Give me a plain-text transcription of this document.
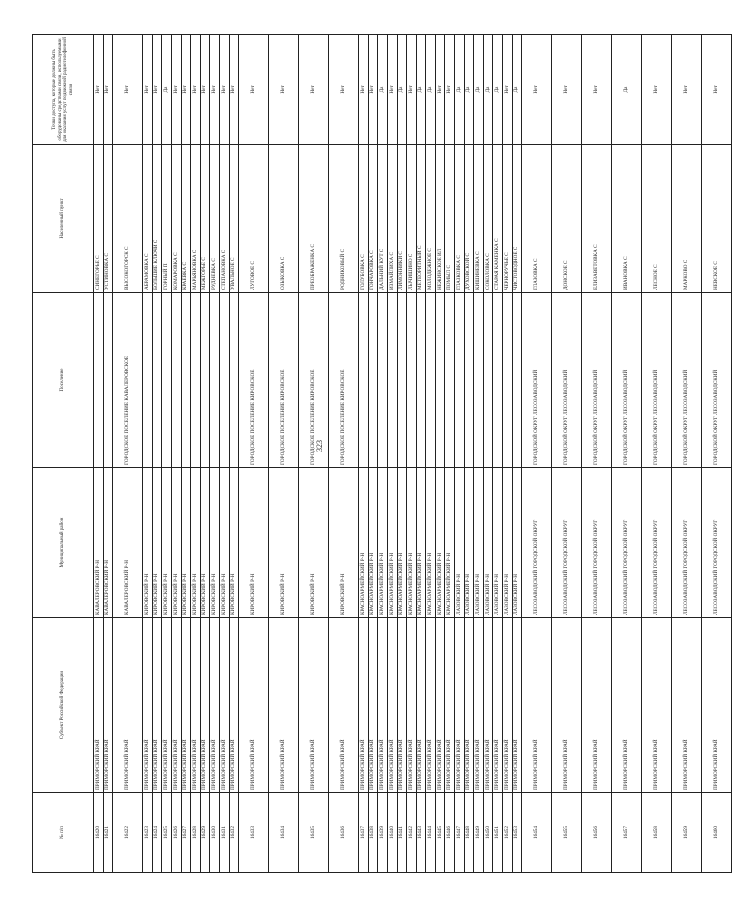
323
№ п/п	Субъект Российской Федерации	Муниципальный район	Поселение	Населенный пункт	Точки доступа, которые должны быть оборудованы средствами связи, используемыми для оказания услуг подвижной радиотелефонной связи
16420	ПРИМОРСКИЙ КРАЙ	КАВАЛЕРОВСКИЙ Р-Н		СИНЕГОРЬЕ С	Нет
16421	ПРИМОРСКИЙ КРАЙ	КАВАЛЕРОВСКИЙ Р-Н		УСТИНОВКА С	Нет
16422	ПРИМОРСКИЙ КРАЙ	КАВАЛЕРОВСКИЙ Р-Н	ГОРОДСКОЕ ПОСЕЛЕНИЕ КАВАЛЕРОВСКОЕ	ВЫСОКОГОРСК С	Нет
16423	ПРИМОРСКИЙ КРАЙ	КИРОВСКИЙ Р-Н		АБРАМОВКА С	Нет
16424	ПРИМОРСКИЙ КРАЙ	КИРОВСКИЙ Р-Н		БОЛЬШИЕ КЛЮЧИ С	Нет
16425	ПРИМОРСКИЙ КРАЙ	КИРОВСКИЙ Р-Н		ГОРНЫЙ П	Да
16426	ПРИМОРСКИЙ КРАЙ	КИРОВСКИЙ Р-Н		КОМАРОВКА С	Нет
16427	ПРИМОРСКИЙ КРАЙ	КИРОВСКИЙ Р-Н		КРАЕВКА С	Нет
16428	ПРИМОРСКИЙ КРАЙ	КИРОВСКИЙ Р-Н		МАРЬЯНОВКА С	Нет
16429	ПРИМОРСКИЙ КРАЙ	КИРОВСКИЙ Р-Н		МЕЖГОРЬЕ С	Нет
16430	ПРИМОРСКИЙ КРАЙ	КИРОВСКИЙ Р-Н		РУДНЕВКА С	Нет
16431	ПРИМОРСКИЙ КРАЙ	КИРОВСКИЙ Р-Н		СТЕПАНОВКА С	Нет
16432	ПРИМОРСКИЙ КРАЙ	КИРОВСКИЙ Р-Н		УВАЛЬНОЕ С	Нет
16433	ПРИМОРСКИЙ КРАЙ	КИРОВСКИЙ Р-Н	ГОРОДСКОЕ ПОСЕЛЕНИЕ КИРОВСКОЕ	ЛУГОВОЕ С	Нет
16434	ПРИМОРСКИЙ КРАЙ	КИРОВСКИЙ Р-Н	ГОРОДСКОЕ ПОСЕЛЕНИЕ КИРОВСКОЕ	ОЗЫКОВКА С	Нет
16435	ПРИМОРСКИЙ КРАЙ	КИРОВСКИЙ Р-Н	ГОРОДСКОЕ ПОСЕЛЕНИЕ КИРОВСКОЕ	ПРЕОБРАЖЕНКА С	Нет
16436	ПРИМОРСКИЙ КРАЙ	КИРОВСКИЙ Р-Н	ГОРОДСКОЕ ПОСЕЛЕНИЕ КИРОВСКОЕ	РОДНИКОВЫЙ С	Нет
16437	ПРИМОРСКИЙ КРАЙ	КРАСНОАРМЕЙСКИЙ Р-Н		ГОЛУБОВКА С	Нет
16438	ПРИМОРСКИЙ КРАЙ	КРАСНОАРМЕЙСКИЙ Р-Н		ГОНЧАРОВКА С	Нет
16439	ПРИМОРСКИЙ КРАЙ	КРАСНОАРМЕЙСКИЙ Р-Н		ДАЛЬНИЙ КУТ С	Да
16440	ПРИМОРСКИЙ КРАЙ	КРАСНОАРМЕЙСКИЙ Р-Н		ИЗМАЙЛИХА С	Нет
16441	ПРИМОРСКИЙ КРАЙ	КРАСНОАРМЕЙСКИЙ Р-Н		ЛИМОННИКИ С	Да
16442	ПРИМОРСКИЙ КРАЙ	КРАСНОАРМЕЙСКИЙ Р-Н		ЛЫЧИШИНО С	Нет
16443	ПРИМОРСКИЙ КРАЙ	КРАСНОАРМЕЙСКИЙ Р-Н		МЕТЕОРИТНЫЙ С	Да
16444	ПРИМОРСКИЙ КРАЙ	КРАСНОАРМЕЙСКИЙ Р-Н		МОЛОДЕЖНОЕ С	Да
16445	ПРИМОРСКИЙ КРАЙ	КРАСНОАРМЕЙСКИЙ Р-Н		НЕЖИНСКОЕ ИЛ	Нет
16446	ПРИМОРСКИЙ КРАЙ	КРАСНОАРМЕЙСКИЙ Р-Н		ПОМЫЛ С	Нет
16447	ПРИМОРСКИЙ КРАЙ	ЛАЗОВСКИЙ Р-Н		ГЛАЗКОВКА С	Да
16448	ПРИМОРСКИЙ КРАЙ	ЛАЗОВСКИЙ Р-Н		ДУХОВСКОЙ С	Да
16449	ПРИМОРСКИЙ КРАЙ	ЛАЗОВСКИЙ Р-Н		КИШИНЕВКА С	Да
16450	ПРИМОРСКИЙ КРАЙ	ЛАЗОВСКИЙ Р-Н		СОКОЛОВКА С	Да
16451	ПРИМОРСКИЙ КРАЙ	ЛАЗОВСКИЙ Р-Н		СТАРАЯ КАМЕНКА С	Да
16452	ПРИМОРСКИЙ КРАЙ	ЛАЗОВСКИЙ Р-Н		ЧЕРНОРУЧЬЕ С	Нет
16453	ПРИМОРСКИЙ КРАЙ	ЛАЗОВСКИЙ Р-Н		ЧИСТОВОДНОЕ С	Да
16454	ПРИМОРСКИЙ КРАЙ	ЛЕСОЗАВОДСКИЙ ГОРОДСКОЙ ОКРУГ	ГОРОДСКОЙ ОКРУГ ЛЕСОЗАВОДСКИЙ	ГЛАЗОВКА С	Нет
16455	ПРИМОРСКИЙ КРАЙ	ЛЕСОЗАВОДСКИЙ ГОРОДСКОЙ ОКРУГ	ГОРОДСКОЙ ОКРУГ ЛЕСОЗАВОДСКИЙ	ДОНСКОЕ С	Нет
16456	ПРИМОРСКИЙ КРАЙ	ЛЕСОЗАВОДСКИЙ ГОРОДСКОЙ ОКРУГ	ГОРОДСКОЙ ОКРУГ ЛЕСОЗАВОДСКИЙ	ЕЛИЗАВЕТОВКА С	Нет
16457	ПРИМОРСКИЙ КРАЙ	ЛЕСОЗАВОДСКИЙ ГОРОДСКОЙ ОКРУГ	ГОРОДСКОЙ ОКРУГ ЛЕСОЗАВОДСКИЙ	ИВАНОВКА С	Да
16458	ПРИМОРСКИЙ КРАЙ	ЛЕСОЗАВОДСКИЙ ГОРОДСКОЙ ОКРУГ	ГОРОДСКОЙ ОКРУГ ЛЕСОЗАВОДСКИЙ	ЛЕСНОЕ С	Нет
16459	ПРИМОРСКИЙ КРАЙ	ЛЕСОЗАВОДСКИЙ ГОРОДСКОЙ ОКРУГ	ГОРОДСКОЙ ОКРУГ ЛЕСОЗАВОДСКИЙ	МАРКОВО С	Нет
16460	ПРИМОРСКИЙ КРАЙ	ЛЕСОЗАВОДСКИЙ ГОРОДСКОЙ ОКРУГ	ГОРОДСКОЙ ОКРУГ ЛЕСОЗАВОДСКИЙ	НЕВСКОЕ С	Нет
